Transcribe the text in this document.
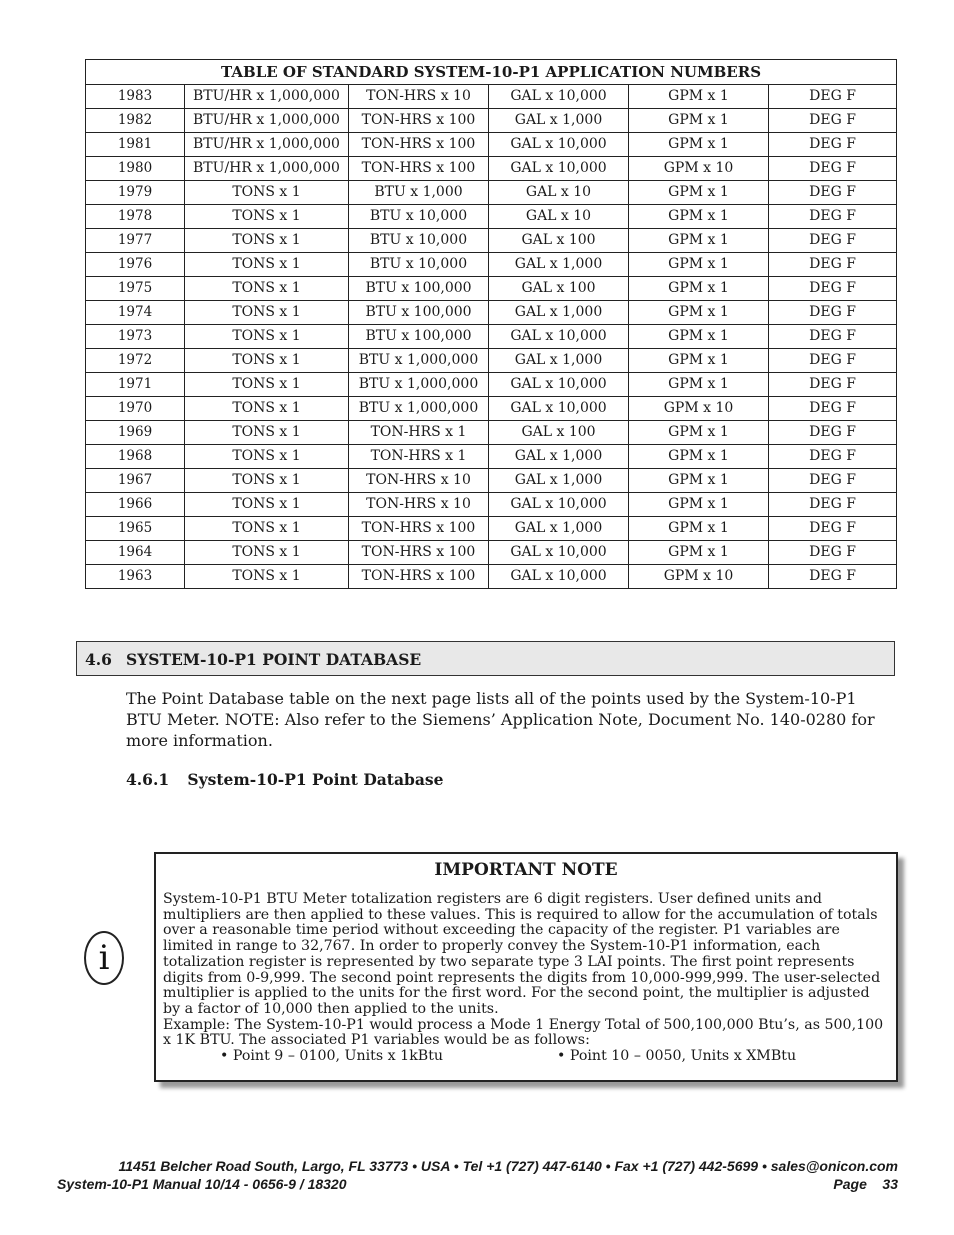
TABLE OF STANDARD SYSTEM-10-P1 APPLICATION NUMBERS					
1983	BTU/HR x 1,000,000	TON-HRS x 10	GAL x 10,000	GPM x 1	DEG F
1982	BTU/HR x 1,000,000	TON-HRS x 100	GAL x 1,000	GPM x 1	DEG F
1981	BTU/HR x 1,000,000	TON-HRS x 100	GAL x 10,000	GPM x 1	DEG F
1980	BTU/HR x 1,000,000	TON-HRS x 100	GAL x 10,000	GPM x 10	DEG F
1979	TONS x 1	BTU x 1,000	GAL x 10	GPM x 1	DEG F
1978	TONS x 1	BTU x 10,000	GAL x 10	GPM x 1	DEG F
1977	TONS x 1	BTU x 10,000	GAL x 100	GPM x 1	DEG F
1976	TONS x 1	BTU x 10,000	GAL x 1,000	GPM x 1	DEG F
1975	TONS x 1	BTU x 100,000	GAL x 100	GPM x 1	DEG F
1974	TONS x 1	BTU x 100,000	GAL x 1,000	GPM x 1	DEG F
1973	TONS x 1	BTU x 100,000	GAL x 10,000	GPM x 1	DEG F
1972	TONS x 1	BTU x 1,000,000	GAL x 1,000	GPM x 1	DEG F
1971	TONS x 1	BTU x 1,000,000	GAL x 10,000	GPM x 1	DEG F
1970	TONS x 1	BTU x 1,000,000	GAL x 10,000	GPM x 10	DEG F
1969	TONS x 1	TON-HRS x 1	GAL x 100	GPM x 1	DEG F
1968	TONS x 1	TON-HRS x 1	GAL x 1,000	GPM x 1	DEG F
1967	TONS x 1	TON-HRS x 10	GAL x 1,000	GPM x 1	DEG F
1966	TONS x 1	TON-HRS x 10	GAL x 10,000	GPM x 1	DEG F
1965	TONS x 1	TON-HRS x 100	GAL x 1,000	GPM x 1	DEG F
1964	TONS x 1	TON-HRS x 100	GAL x 10,000	GPM x 1	DEG F
1963	TONS x 1	TON-HRS x 100	GAL x 10,000	GPM x 10	DEG F
4.6 SYSTEM-10-P1 POINT DATABASE

The Point Database table on the next page lists all of the points used by the System-10-P1 BTU Meter. NOTE: Also refer to the Siemens’ Application Note, Document No. 140-0280 for more information.

4.6.1 System-10-P1 Point Database
i
IMPORTANT NOTE
System-10-P1 BTU Meter totalization registers are 6 digit registers. User defined units and multipliers are then applied to these values. This is required to allow for the accumulation of totals over a reasonable time period without exceeding the capacity of the register. P1 variables are limited in range to 32,767. In order to properly convey the System-10-P1 information, each totalization register is represented by two separate type 3 LAI points. The first point represents digits from 0-9,999. The second point represents the digits from 10,000-999,999. The user-selected multiplier is applied to the units for the first word. For the second point, the multiplier is adjusted by a factor of 10,000 then applied to the units.
Example: The System-10-P1 would process a Mode 1 Energy Total of 500,100,000 Btu’s, as 500,100 x 1K BTU. The associated P1 variables would be as follows:
• Point 9 – 0100, Units x 1kBtu	• Point 10 – 0050, Units x XMBtu
11451 Belcher Road South, Largo, FL 33773 • USA • Tel +1 (727) 447-6140 • Fax +1 (727) 442-5699 • sales@onicon.com
System-10-P1 Manual 10/14 - 0656-9 / 18320	Page 33
